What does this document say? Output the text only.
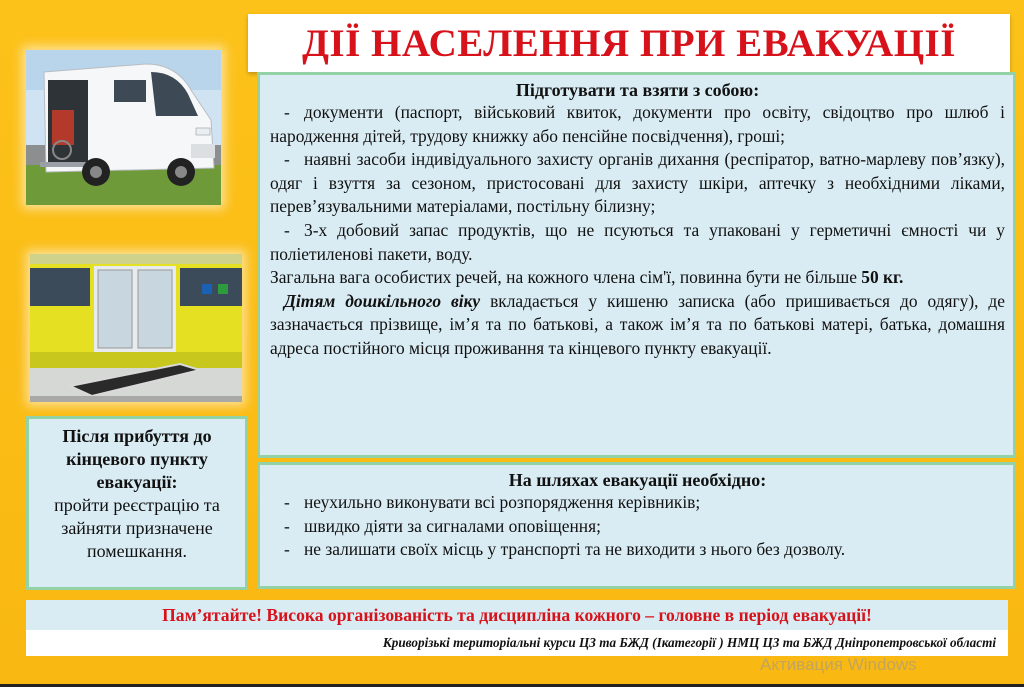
ДІЇ НАСЕЛЕННЯ ПРИ ЕВАКУАЦІЇ
Підготувати та взяти з собою:

- документи (паспорт, військовий квиток, документи про освіту, свідоцтво про шлюб і народження дітей, трудову книжку або пенсійне посвідчення), гроші;

- наявні засоби індивідуального захисту органів дихання (респіратор, ватно-марлеву пов’язку), одяг і взуття за сезоном, пристосовані для захисту шкіри, аптечку з необхідними ліками, перев’язувальними матеріалами, постільну білизну;

- 3-х добовий запас продуктів, що не псуються та упаковані у герметичні ємності чи у поліетиленові пакети, воду.

Загальна вага особистих речей, на кожного члена сім'ї, повинна бути не більше 50 кг.

Дітям дошкільного віку вкладається у кишеню записка (або пришивається до одягу), де зазначається прізвище, ім’я та по батькові, а також ім’я та по батькові матері, батька, домашня адреса постійного місця проживання та кінцевого пункту евакуації.

На шляхах евакуації необхідно:

- неухильно виконувати всі розпорядження керівників;

- швидко діяти за сигналами оповіщення;

- не залишати своїх місць у транспорті та не виходити з нього без дозволу.

Після прибуття до кінцевого пункту евакуації:

пройти реєстрацію та зайняти призначене помешкання.

Пам’ятайте! Висока організованість та дисципліна кожного – головне в період евакуації!
Криворізькі територіальні курси ЦЗ та БЖД (Ікатегорії ) НМЦ ЦЗ та БЖД Дніпропетровської області
Активация Windows
